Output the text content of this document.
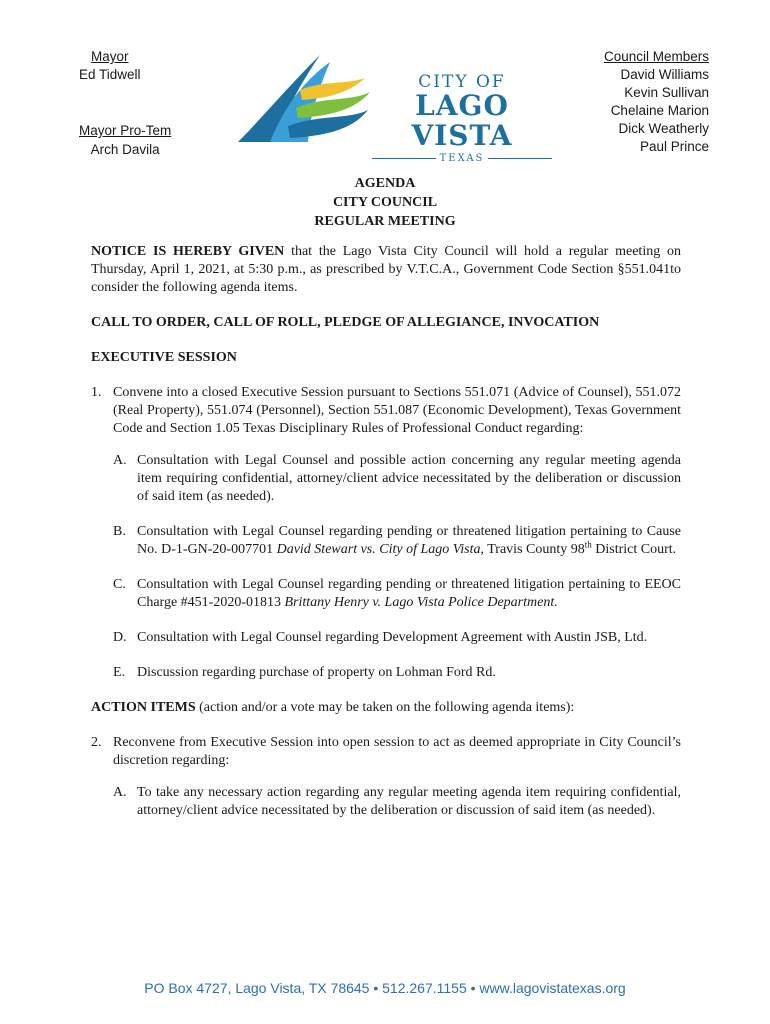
Mayor
Ed Tidwell
Mayor Pro-Tem
Arch Davila
Council Members
David Williams
Kevin Sullivan
Chelaine Marion
Dick Weatherly
Paul Prince
CITY OF
LAGO VISTA
TEXAS
AGENDA
CITY COUNCIL
REGULAR MEETING

NOTICE IS HEREBY GIVEN that the Lago Vista City Council will hold a regular meeting on Thursday, April 1, 2021, at 5:30 p.m., as prescribed by V.T.C.A., Government Code Section §551.041to consider the following agenda items.

CALL TO ORDER, CALL OF ROLL, PLEDGE OF ALLEGIANCE, INVOCATION

EXECUTIVE SESSION

1. Convene into a closed Executive Session pursuant to Sections 551.071 (Advice of Counsel), 551.072 (Real Property), 551.074 (Personnel), Section 551.087 (Economic Development), Texas Government Code and Section 1.05 Texas Disciplinary Rules of Professional Conduct regarding:
A. Consultation with Legal Counsel and possible action concerning any regular meeting agenda item requiring confidential, attorney/client advice necessitated by the deliberation or discussion of said item (as needed).
B. Consultation with Legal Counsel regarding pending or threatened litigation pertaining to Cause No. D-1-GN-20-007701 David Stewart vs. City of Lago Vista, Travis County 98th District Court.
C. Consultation with Legal Counsel regarding pending or threatened litigation pertaining to EEOC Charge #451-2020-01813 Brittany Henry v. Lago Vista Police Department.
D. Consultation with Legal Counsel regarding Development Agreement with Austin JSB, Ltd.
E. Discussion regarding purchase of property on Lohman Ford Rd.

ACTION ITEMS (action and/or a vote may be taken on the following agenda items):

2. Reconvene from Executive Session into open session to act as deemed appropriate in City Council’s discretion regarding:
A. To take any necessary action regarding any regular meeting agenda item requiring confidential, attorney/client advice necessitated by the deliberation or discussion of said item (as needed).
PO Box 4727, Lago Vista, TX 78645 • 512.267.1155 • www.lagovistatexas.org
